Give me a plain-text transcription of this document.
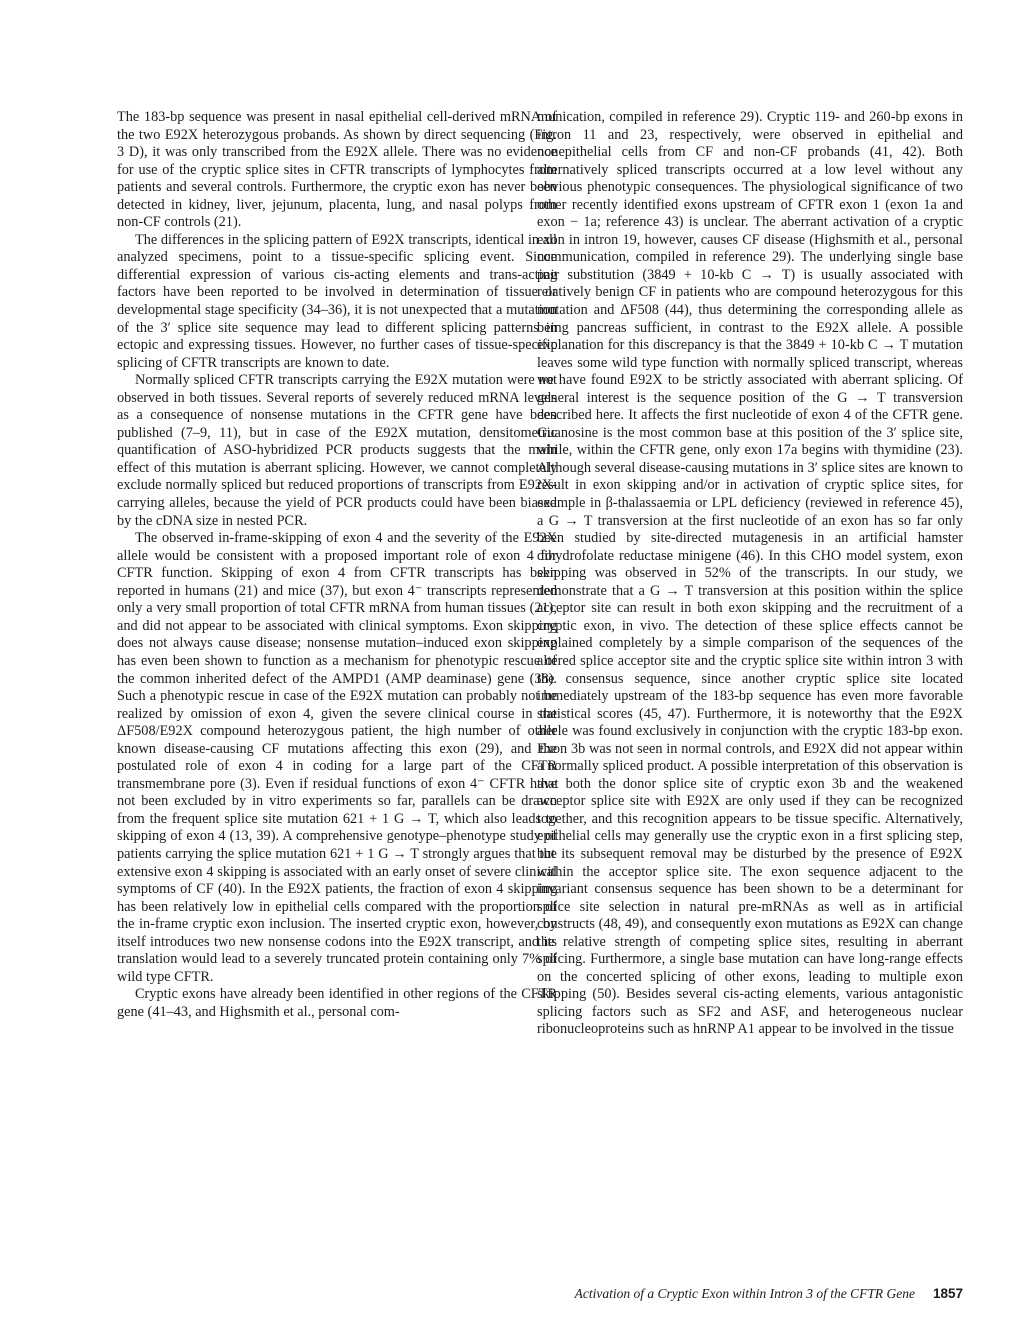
The 183-bp sequence was present in nasal epithelial cell-derived mRNA of the two E92X heterozygous probands. As shown by direct sequencing (Fig. 3 D), it was only transcribed from the E92X allele. There was no evidence for use of the cryptic splice sites in CFTR transcripts of lymphocytes from patients and several controls. Furthermore, the cryptic exon has never been detected in kidney, liver, jejunum, placenta, lung, and nasal polyps from non-CF controls (21).

The differences in the splicing pattern of E92X transcripts, identical in all analyzed specimens, point to a tissue-specific splicing event. Since differential expression of various cis-acting elements and trans-acting factors have been reported to be involved in determination of tissue or developmental stage specificity (34–36), it is not unexpected that a mutation of the 3′ splice site sequence may lead to different splicing patterns in ectopic and expressing tissues. However, no further cases of tissue-specific splicing of CFTR transcripts are known to date.

Normally spliced CFTR transcripts carrying the E92X mutation were not observed in both tissues. Several reports of severely reduced mRNA levels as a consequence of nonsense mutations in the CFTR gene have been published (7–9, 11), but in case of the E92X mutation, densitometric quantification of ASO-hybridized PCR products suggests that the main effect of this mutation is aberrant splicing. However, we cannot completely exclude normally spliced but reduced proportions of transcripts from E92X-carrying alleles, because the yield of PCR products could have been biased by the cDNA size in nested PCR.

The observed in-frame-skipping of exon 4 and the severity of the E92X allele would be consistent with a proposed important role of exon 4 for CFTR function. Skipping of exon 4 from CFTR transcripts has been reported in humans (21) and mice (37), but exon 4⁻ transcripts represented only a very small proportion of total CFTR mRNA from human tissues (21), and did not appear to be associated with clinical symptoms. Exon skipping does not always cause disease; nonsense mutation–induced exon skipping has even been shown to function as a mechanism for phenotypic rescue of the common inherited defect of the AMPD1 (AMP deaminase) gene (38). Such a phenotypic rescue in case of the E92X mutation can probably not be realized by omission of exon 4, given the severe clinical course in the ΔF508/E92X compound heterozygous patient, the high number of other known disease-causing CF mutations affecting this exon (29), and the postulated role of exon 4 in coding for a large part of the CFTR transmembrane pore (3). Even if residual functions of exon 4⁻ CFTR have not been excluded by in vitro experiments so far, parallels can be drawn from the frequent splice site mutation 621 + 1 G → T, which also leads to skipping of exon 4 (13, 39). A comprehensive genotype–phenotype study of patients carrying the splice mutation 621 + 1 G → T strongly argues that the extensive exon 4 skipping is associated with an early onset of severe clinical symptoms of CF (40). In the E92X patients, the fraction of exon 4 skipping has been relatively low in epithelial cells compared with the proportion of the in-frame cryptic exon inclusion. The inserted cryptic exon, however, by itself introduces two new nonsense codons into the E92X transcript, and its translation would lead to a severely truncated protein containing only 7% of wild type CFTR.

Cryptic exons have already been identified in other regions of the CFTR gene (41–43, and Highsmith et al., personal com-

munication, compiled in reference 29). Cryptic 119- and 260-bp exons in intron 11 and 23, respectively, were observed in epithelial and nonepithelial cells from CF and non-CF probands (41, 42). Both alternatively spliced transcripts occurred at a low level without any obvious phenotypic consequences. The physiological significance of two other recently identified exons upstream of CFTR exon 1 (exon 1a and exon − 1a; reference 43) is unclear. The aberrant activation of a cryptic exon in intron 19, however, causes CF disease (Highsmith et al., personal communication, compiled in reference 29). The underlying single base pair substitution (3849 + 10-kb C → T) is usually associated with relatively benign CF in patients who are compound heterozygous for this mutation and ΔF508 (44), thus determining the corresponding allele as being pancreas sufficient, in contrast to the E92X allele. A possible explanation for this discrepancy is that the 3849 + 10-kb C → T mutation leaves some wild type function with normally spliced transcript, whereas we have found E92X to be strictly associated with aberrant splicing. Of general interest is the sequence position of the G → T transversion described here. It affects the first nucleotide of exon 4 of the CFTR gene. Guanosine is the most common base at this position of the 3′ splice site, while, within the CFTR gene, only exon 17a begins with thymidine (23). Although several disease-causing mutations in 3′ splice sites are known to result in exon skipping and/or in activation of cryptic splice sites, for example in β-thalassaemia or LPL deficiency (reviewed in reference 45), a G → T transversion at the first nucleotide of an exon has so far only been studied by site-directed mutagenesis in an artificial hamster dihydrofolate reductase minigene (46). In this CHO model system, exon skipping was observed in 52% of the transcripts. In our study, we demonstrate that a G → T transversion at this position within the splice acceptor site can result in both exon skipping and the recruitment of a cryptic exon, in vivo. The detection of these splice effects cannot be explained completely by a simple comparison of the sequences of the altered splice acceptor site and the cryptic splice site within intron 3 with the consensus sequence, since another cryptic splice site located immediately upstream of the 183-bp sequence has even more favorable statistical scores (45, 47). Furthermore, it is noteworthy that the E92X allele was found exclusively in conjunction with the cryptic 183-bp exon. Exon 3b was not seen in normal controls, and E92X did not appear within a normally spliced product. A possible interpretation of this observation is that both the donor splice site of cryptic exon 3b and the weakened acceptor splice site with E92X are only used if they can be recognized together, and this recognition appears to be tissue specific. Alternatively, epithelial cells may generally use the cryptic exon in a first splicing step, but its subsequent removal may be disturbed by the presence of E92X within the acceptor splice site. The exon sequence adjacent to the invariant consensus sequence has been shown to be a determinant for splice site selection in natural pre-mRNAs as well as in artificial constructs (48, 49), and consequently exon mutations as E92X can change the relative strength of competing splice sites, resulting in aberrant splicing. Furthermore, a single base mutation can have long-range effects on the concerted splicing of other exons, leading to multiple exon skipping (50). Besides several cis-acting elements, various antagonistic splicing factors such as SF2 and ASF, and heterogeneous nuclear ribonucleoproteins such as hnRNP A1 appear to be involved in the tissue

Activation of a Cryptic Exon within Intron 3 of the CFTR Gene 1857
